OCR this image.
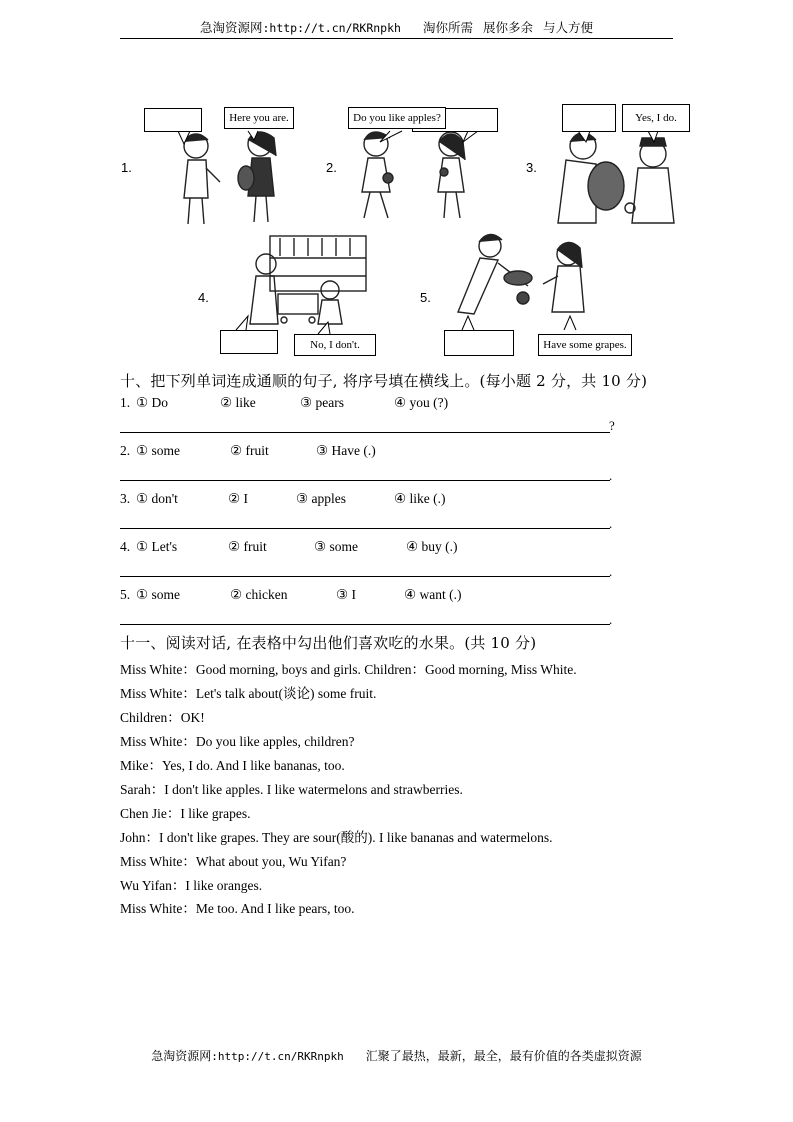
急淘资源网:http://t.cn/RKRnpkh 淘你所需 展你多余 与人方便
1.	2.	3.
4.	5.
Here you are.	Do you like apples?	Yes, I do.
No, I don't.	Have some grapes.
十、把下列单词连成通顺的句子, 将序号填在横线上。(每小题 2 分，共 10 分)
1. ① Do	② like	③ pears	④ you (?)
?
2. ① some	② fruit	③ Have (.)
.
3. ① don't	② I	③ apples	④ like (.)
.
4. ① Let's	② fruit	③ some	④ buy (.)
.
5. ① some	② chicken	③ I	④ want (.)
.
十一、阅读对话, 在表格中勾出他们喜欢吃的水果。(共 10 分)
Miss White：Good morning, boys and girls. Children：Good morning, Miss White.
Miss White：Let's talk about(谈论) some fruit.
Children：OK!
Miss White：Do you like apples, children?
Mike：Yes, I do. And I like bananas, too.
Sarah：I don't like apples. I like watermelons and strawberries.
Chen Jie：I like grapes.
John：I don't like grapes. They are sour(酸的). I like bananas and watermelons.
Miss White：What about you, Wu Yifan?
Wu Yifan：I like oranges.
Miss White：Me too. And I like pears, too.
急淘资源网:http://t.cn/RKRnpkh 汇聚了最热，最新，最全，最有价值的各类虚拟资源
